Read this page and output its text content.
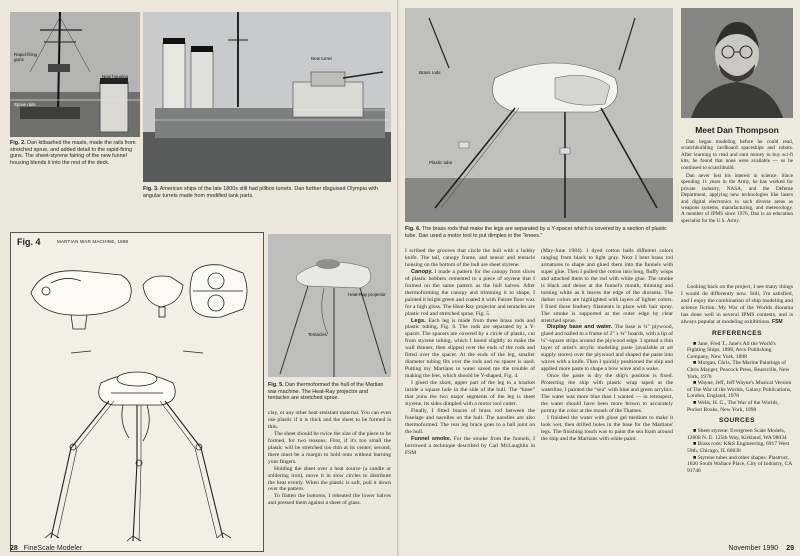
Rapid-firing guns
New housing
Sprue rails
Fig. 2. Dan kitbashed the masts, made the rails from stretched sprue, and added detail to the rapid-firing guns. The sheet-styrene fairing of the new funnel housing blends it into the rest of the deck.
New turret
Fig. 3. American ships of the late 1800s still had pillbox turrets. Dan further disguised Olympia with angular turrets made from modified tank parts.
Fig. 4	MARTIAN WAR MACHINE, 1898
Heat-Ray projector
Tentacles
Fig. 5. Dan thermoformed the hull of the Martian war machine. The Heat-Ray projector and tentacles are stretched sprue.

clay, or any other heat-resistant material. You can even use plastic if it is thick and the sheet to be formed is thin.

The sheet should be twice the size of the piece to be formed, for two reasons. First, if it's too small the plastic will be stretched too thin at its center; second, there must be a margin to hold onto without burning your fingers.

Holding the sheet over a heat source (a candle or soldering iron), move it in slow circles to distribute the heat evenly. When the plastic is soft, pull it down over the pattern.

To flatten the bottoms, I reheated the lower halves and pressed them against a sheet of glass.

28 FineScale Modeler
Brass rods
Plastic tube
Fig. 6. The brass rods that make the legs are separated by a Y-spacer which is covered by a section of plastic tube. Dan used a motor tool to put dimples in the “knees.”
Meet Dan Thompson

Dan began modeling before he could read, scratchbuilding cardboard spaceships and robots. After learning to read and earn money to buy sci-fi kits, he found that none were available — so he continued to scratchbuild.

Dan never lost his interest in science. Since spending 11 years in the Army, he has worked for private industry, NASA, and the Defense Department, applying new technologies like lasers and digital electronics to such diverse areas as weapons systems, manufacturing, and meteorology. A member of IPMS since 1976, Dan is an education specialist for the U.S. Army.

I scribed the grooves that circle the hull with a hobby knife. The tail, canopy frame, and sensor and tentacle housing on the bottom of the hull are sheet styrene.

Canopy. I made a pattern for the canopy from slices of plastic bobbers cemented to a piece of styrene that I formed on the same pattern as the hull halves. After thermoforming the canopy and trimming it to shape, I painted it bright green and coated it with Future floor wax for a high gloss. The Heat-Ray projector and tentacles are plastic rod and stretched sprue, Fig. 5.

Legs. Each leg is made from three brass rods and plastic tubing, Fig. 6. The rods are separated by a Y-spacer. The spacers are covered by a circle of plastic, cut from styrene tubing, which I bored slightly to make the wall thinner, then slipped over the ends of the rods and fitted over the spacer. At the ends of the leg, smaller diameter tubing fits over the rods and no spacer is used. Putting my Martians in water saved me the trouble of making the feet, which should be Y-shaped, Fig. 4.

I glued the short, upper part of the leg to a bracket inside a square hole in the side of the hull. The “knee” that joins the two major segments of the leg is sheet styrene, its sides dimpled with a motor tool cutter.

Finally, I fitted braces of brass rod between the fuselage and nacelles on the hull. The nacelles are also thermoformed. The rear leg brace goes to a ball joint on the hull.

Funnel smoke. For the smoke from the funnels, I borrowed a technique described by Carl McLaughlin in FSM

(May-June 1984). I dyed cotton balls different colors ranging from black to light gray. Next I bent brass rod armatures to shape and glued them into the funnels with super glue. Then I pulled the cotton into long, fluffy wisps and attached them to the rod with white glue. The smoke is black and dense at the funnel's mouth, thinning and turning white as it leaves the edge of the diorama. The darker colors are highlighted with layers of lighter colors. I fixed these feathery filaments in place with hair spray. The smoke is supported at the outer edge by clear stretched sprue.

Display base and water. The base is ¼" plywood, glued and nailed to a frame of 2" x ¾" boards, with a lip of ¼"-square strips around the plywood edge. I spread a thin layer of artist's acrylic modeling paste (available at art supply stores) over the plywood and shaped the paste into waves with a knife. Then I quickly positioned the ship and applied more paste to shape a bow wave and a wake.

Once the paste is dry the ship's position is fixed. Protecting the ship with plastic wrap taped at the waterline, I painted the “sea” with blue and green acrylics. The water was more blue than I wanted — in retrospect, the water should have been more brown to accurately portray the color at the mouth of the Thames.

I finished the water with gloss gel medium to make it look wet, then drilled holes in the base for the Martians' legs. The finishing touch was to paint the sea foam around the ship and the Martians with white paint.

Looking back on the project, I see many things I would do differently now. Still, I'm satisfied, and I enjoy the combination of ship modeling and science fiction. My War of the Worlds diorama has done well in several IPMS contests, and is always popular at modeling exhibitions. FSM

REFERENCES

■ Jane, Fred T., Jane's All the World's Fighting Ships, 1898, Arco Publishing Company, New York, 1898

■ Morgan, Chris, The Marine Paintings of Chris Mayger, Peacock Press, Bearsville, New York, 1976

■ Wayne, Jeff, Jeff Wayne's Musical Version of The War of the Worlds, Galaxy Publications, London, England, 1978

■ Wells, H. G., The War of the Worlds, Pocket Books, New York, 1898

SOURCES

■ Sheet styrene: Evergreen Scale Models, 12808 N. E. 125th Way, Kirkland, WA 98034

■ Brass rods: K&S Engineering, 6917 West 59th, Chicago, IL 60638

■ Styrene tubes and other shapes: Plastruct, 1020 South Wallace Place, City of Industry, CA 91748

November 1990 29
